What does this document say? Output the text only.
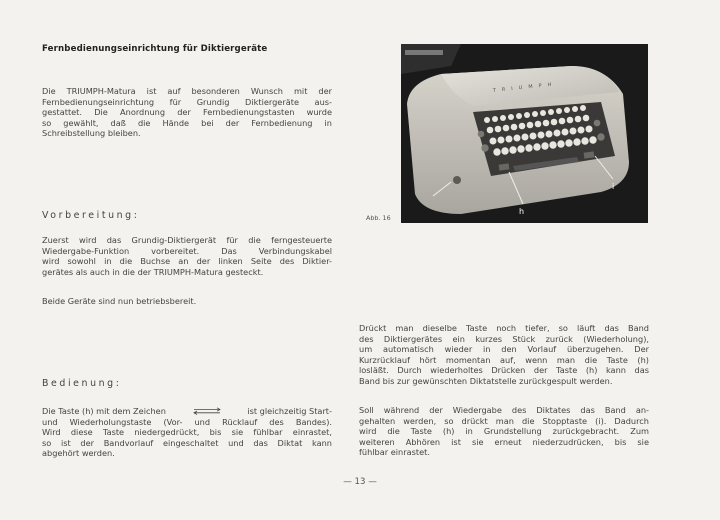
Fernbedienungseinrichtung für Diktiergeräte
Die TRIUMPH-Matura ist auf besonderen Wunsch mit der
Fernbedienungseinrichtung für Grundig Diktiergeräte aus-
gestattet. Die Anordnung der Fernbedienungstasten wurde
so gewählt, daß die Hände bei der Fernbedienung in
Schreibstellung bleiben.
Vorbereitung:
Zuerst wird das Grundig-Diktiergerät für die ferngesteuerte
Wiedergabe-Funktion vorbereitet. Das Verbindungskabel
wird sowohl in die Buchse an der linken Seite des Diktier-
gerätes als auch in die der TRIUMPH-Matura gesteckt.
Beide Geräte sind nun betriebsbereit.
Bedienung:
Die Taste (h) mit dem Zeichen	ist gleichzeitig Start-
und Wiederholungstaste (Vor- und Rücklauf des Bandes).
Wird diese Taste niedergedrückt, bis sie fühlbar einrastet,
so ist der Bandvorlauf eingeschaltet und das Diktat kann
abgehört werden.
Drückt man dieselbe Taste noch tiefer, so läuft das Band
des Diktiergerätes ein kurzes Stück zurück (Wiederholung),
um automatisch wieder in den Vorlauf überzugehen. Der
Kurzrücklauf hört momentan auf, wenn man die Taste (h)
losläßt. Durch wiederholtes Drücken der Taste (h) kann das
Band bis zur gewünschten Diktatstelle zurückgespult werden.
Soll während der Wiedergabe des Diktates das Band an-
gehalten werden, so drückt man die Stopptaste (i). Dadurch
wird die Taste (h) in Grundstellung zurückgebracht. Zum
weiteren Abhören ist sie erneut niederzudrücken, bis sie
fühlbar einrastet.
TRIUMPH
h
i
Abb. 16
— 13 —
